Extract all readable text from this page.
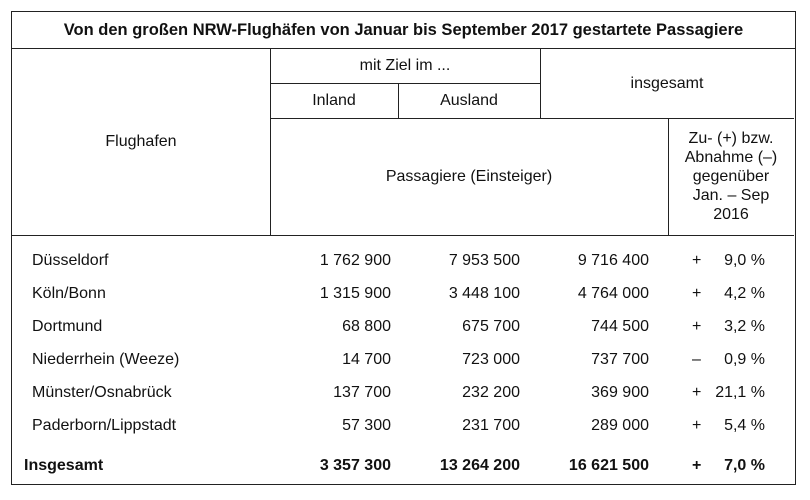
Von den großen NRW-Flughäfen von Januar bis September 2017 gestartete Passagiere
Flughafen
mit Ziel im ...
Inland	Ausland
insgesamt
Passagiere (Einsteiger)
Zu- (+) bzw.
Abnahme (–)
gegenüber
Jan. – Sep
2016
Düsseldorf	1 762 900	7 953 500	9 716 400	+ 9,0 %
Köln/Bonn	1 315 900	3 448 100	4 764 000	+ 4,2 %
Dortmund	68 800	675 700	744 500	+ 3,2 %
Niederrhein (Weeze)	14 700	723 000	737 700	– 0,9 %
Münster/Osnabrück	137 700	232 200	369 900	+ 21,1 %
Paderborn/Lippstadt	57 300	231 700	289 000	+ 5,4 %
Insgesamt	3 357 300	13 264 200	16 621 500	+ 7,0 %
